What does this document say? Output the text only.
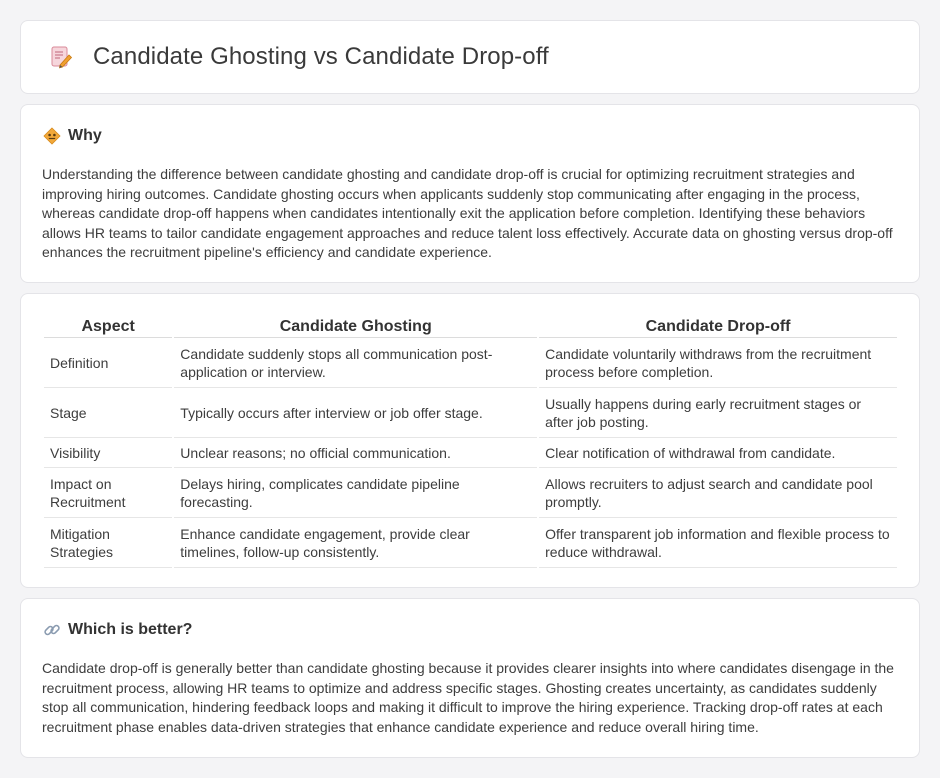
Candidate Ghosting vs Candidate Drop-off
Why

Understanding the difference between candidate ghosting and candidate drop-off is crucial for optimizing recruitment strategies and improving hiring outcomes. Candidate ghosting occurs when applicants suddenly stop communicating after engaging in the process, whereas candidate drop-off happens when candidates intentionally exit the application before completion. Identifying these behaviors allows HR teams to tailor candidate engagement approaches and reduce talent loss effectively. Accurate data on ghosting versus drop-off enhances the recruitment pipeline's efficiency and candidate experience.

Aspect	Candidate Ghosting	Candidate Drop-off
Definition	Candidate suddenly stops all communication post-application or interview.	Candidate voluntarily withdraws from the recruitment process before completion.
Stage	Typically occurs after interview or job offer stage.	Usually happens during early recruitment stages or after job posting.
Visibility	Unclear reasons; no official communication.	Clear notification of withdrawal from candidate.
Impact on Recruitment	Delays hiring, complicates candidate pipeline forecasting.	Allows recruiters to adjust search and candidate pool promptly.
Mitigation Strategies	Enhance candidate engagement, provide clear timelines, follow-up consistently.	Offer transparent job information and flexible process to reduce withdrawal.
Which is better?

Candidate drop-off is generally better than candidate ghosting because it provides clearer insights into where candidates disengage in the recruitment process, allowing HR teams to optimize and address specific stages. Ghosting creates uncertainty, as candidates suddenly stop all communication, hindering feedback loops and making it difficult to improve the hiring experience. Tracking drop-off rates at each recruitment phase enables data-driven strategies that enhance candidate experience and reduce overall hiring time.
